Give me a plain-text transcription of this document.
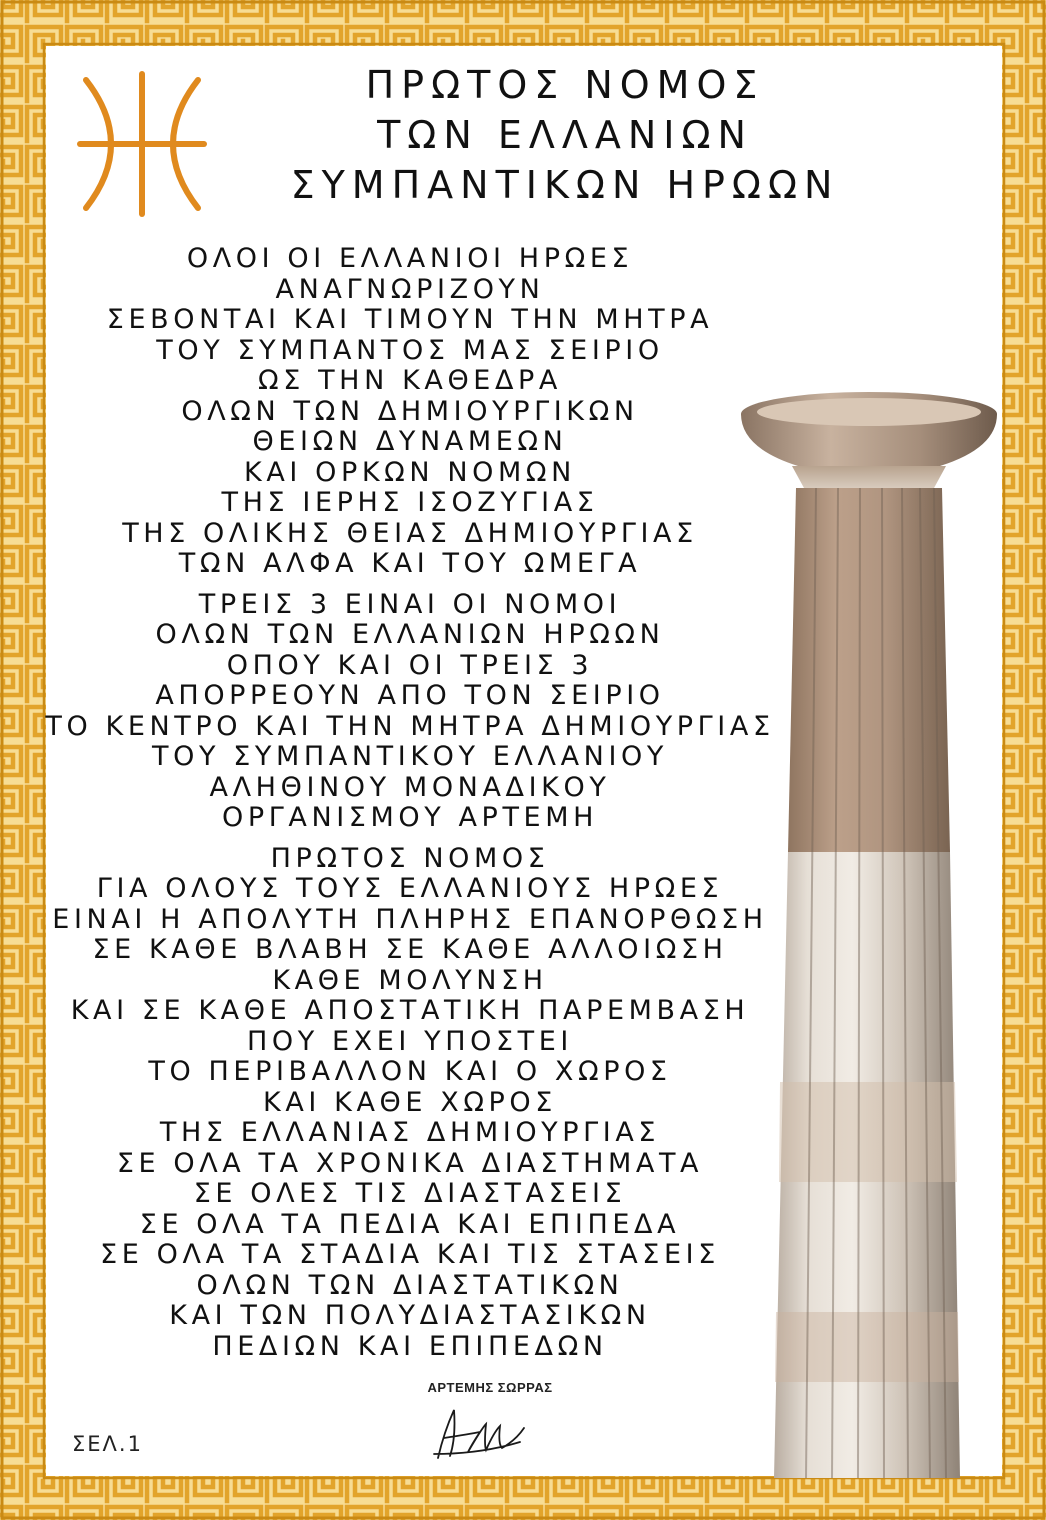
ΠΡΩΤΟΣ ΝΟΜΟΣ
ΤΩΝ ΕΛΛΑΝΙΩΝ
ΣΥΜΠΑΝΤΙΚΩΝ ΗΡΩΩΝ
ΟΛΟΙ ΟΙ ΕΛΛΑΝΙΟΙ ΗΡΩΕΣ
ΑΝΑΓΝΩΡΙΖΟΥΝ
ΣΕΒΟΝΤΑΙ ΚΑΙ ΤΙΜΟΥΝ ΤΗΝ ΜΗΤΡΑ
ΤΟΥ ΣΥΜΠΑΝΤΟΣ ΜΑΣ ΣΕΙΡΙΟ
ΩΣ ΤΗΝ ΚΑΘΕΔΡΑ
ΟΛΩΝ ΤΩΝ ΔΗΜΙΟΥΡΓΙΚΩΝ
ΘΕΙΩΝ ΔΥΝΑΜΕΩΝ
ΚΑΙ ΟΡΚΩΝ ΝΟΜΩΝ
ΤΗΣ ΙΕΡΗΣ ΙΣΟΖΥΓΙΑΣ
ΤΗΣ ΟΛΙΚΗΣ ΘΕΙΑΣ ΔΗΜΙΟΥΡΓΙΑΣ
ΤΩΝ ΑΛΦΑ ΚΑΙ ΤΟΥ ΩΜΕΓΑ
ΤΡΕΙΣ 3 ΕΙΝΑΙ ΟΙ ΝΟΜΟΙ
ΟΛΩΝ ΤΩΝ ΕΛΛΑΝΙΩΝ ΗΡΩΩΝ
ΟΠΟΥ ΚΑΙ ΟΙ ΤΡΕΙΣ 3
ΑΠΟΡΡΕΟΥΝ ΑΠΟ ΤΟΝ ΣΕΙΡΙΟ
ΤΟ ΚΕΝΤΡΟ ΚΑΙ ΤΗΝ ΜΗΤΡΑ ΔΗΜΙΟΥΡΓΙΑΣ
ΤΟΥ ΣΥΜΠΑΝΤΙΚΟΥ ΕΛΛΑΝΙΟΥ
ΑΛΗΘΙΝΟΥ ΜΟΝΑΔΙΚΟΥ
ΟΡΓΑΝΙΣΜΟΥ ΑΡΤΕΜΗ
ΠΡΩΤΟΣ ΝΟΜΟΣ
ΓΙΑ ΟΛΟΥΣ ΤΟΥΣ ΕΛΛΑΝΙΟΥΣ ΗΡΩΕΣ
ΕΙΝΑΙ Η ΑΠΟΛΥΤΗ ΠΛΗΡΗΣ ΕΠΑΝΟΡΘΩΣΗ
ΣΕ ΚΑΘΕ ΒΛΑΒΗ ΣΕ ΚΑΘΕ ΑΛΛΟΙΩΣΗ
ΚΑΘΕ ΜΟΛΥΝΣΗ
ΚΑΙ ΣΕ ΚΑΘΕ ΑΠΟΣΤΑΤΙΚΗ ΠΑΡΕΜΒΑΣΗ
ΠΟΥ ΕΧΕΙ ΥΠΟΣΤΕΙ
ΤΟ ΠΕΡΙΒΑΛΛΟΝ ΚΑΙ Ο ΧΩΡΟΣ
ΚΑΙ ΚΑΘΕ ΧΩΡΟΣ
ΤΗΣ ΕΛΛΑΝΙΑΣ ΔΗΜΙΟΥΡΓΙΑΣ
ΣΕ ΟΛΑ ΤΑ ΧΡΟΝΙΚΑ ΔΙΑΣΤΗΜΑΤΑ
ΣΕ ΟΛΕΣ ΤΙΣ ΔΙΑΣΤΑΣΕΙΣ
ΣΕ ΟΛΑ ΤΑ ΠΕΔΙΑ ΚΑΙ ΕΠΙΠΕΔΑ
ΣΕ ΟΛΑ ΤΑ ΣΤΑΔΙΑ ΚΑΙ ΤΙΣ ΣΤΑΣΕΙΣ
ΟΛΩΝ ΤΩΝ ΔΙΑΣΤΑΤΙΚΩΝ
ΚΑΙ ΤΩΝ ΠΟΛΥΔΙΑΣΤΑΣΙΚΩΝ
ΠΕΔΙΩΝ ΚΑΙ ΕΠΙΠΕΔΩΝ
ΑΡΤΕΜΗΣ ΣΩΡΡΑΣ
ΣΕΛ.1
